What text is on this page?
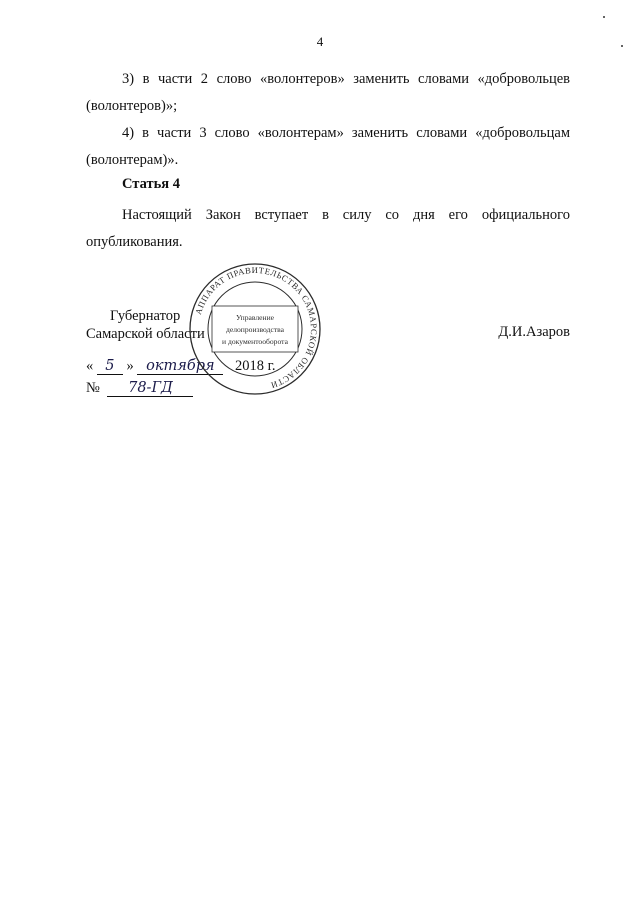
4

3) в части 2 слово «волонтеров» заменить словами «добровольцев

(волонтеров)»;

4) в части 3 слово «волонтерам» заменить словами «добровольцам

(волонтерам)».

Статья 4

Настоящий Закон вступает в силу со дня его официального

опубликования.

Губернатор
Самарской области	Д.И.Азаров
« 5 » октября 2018 г.
№ 78-ГД
АППАРАТ ПРАВИТЕЛЬСТВА САМАРСКОЙ ОБЛАСТИ
Управление
делопроизводства
и документооборота
